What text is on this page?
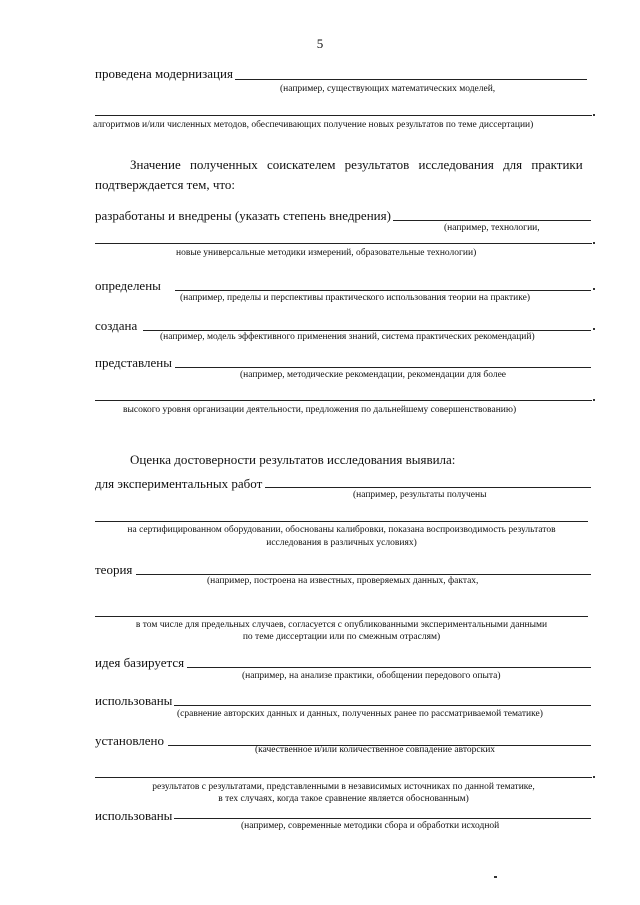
5
проведена модернизация
(например, существующих математических моделей,
алгоритмов и/или численных методов, обеспечивающих получение новых результатов по теме диссертации)
Значение полученных соискателем результатов исследования для практики
подтверждается тем, что:
разработаны и внедрены (указать степень внедрения)
(например, технологии,
новые универсальные методики измерений, образовательные технологии)
определены
(например, пределы и перспективы практического использования теории на практике)
создана
(например, модель эффективного применения знаний, система практических рекомендаций)
представлены
(например, методические рекомендации, рекомендации для более
высокого уровня организации деятельности, предложения по дальнейшему совершенствованию)
Оценка достоверности результатов исследования выявила:
для экспериментальных работ
(например, результаты получены
на сертифицированном оборудовании, обоснованы калибровки, показана воспроизводимость результатов
исследования в различных условиях)
теория
(например, построена на известных, проверяемых данных, фактах,
в том числе для предельных случаев, согласуется с опубликованными экспериментальными данными
по теме диссертации или по смежным отраслям)
идея базируется
(например, на анализе практики, обобщении передового опыта)
использованы
(сравнение авторских данных и данных, полученных ранее по рассматриваемой тематике)
установлено
(качественное и/или количественное совпадение авторских
результатов с результатами, представленными в независимых источниках по данной тематике,
в тех случаях, когда такое сравнение является обоснованным)
использованы
(например, современные методики сбора и обработки исходной
